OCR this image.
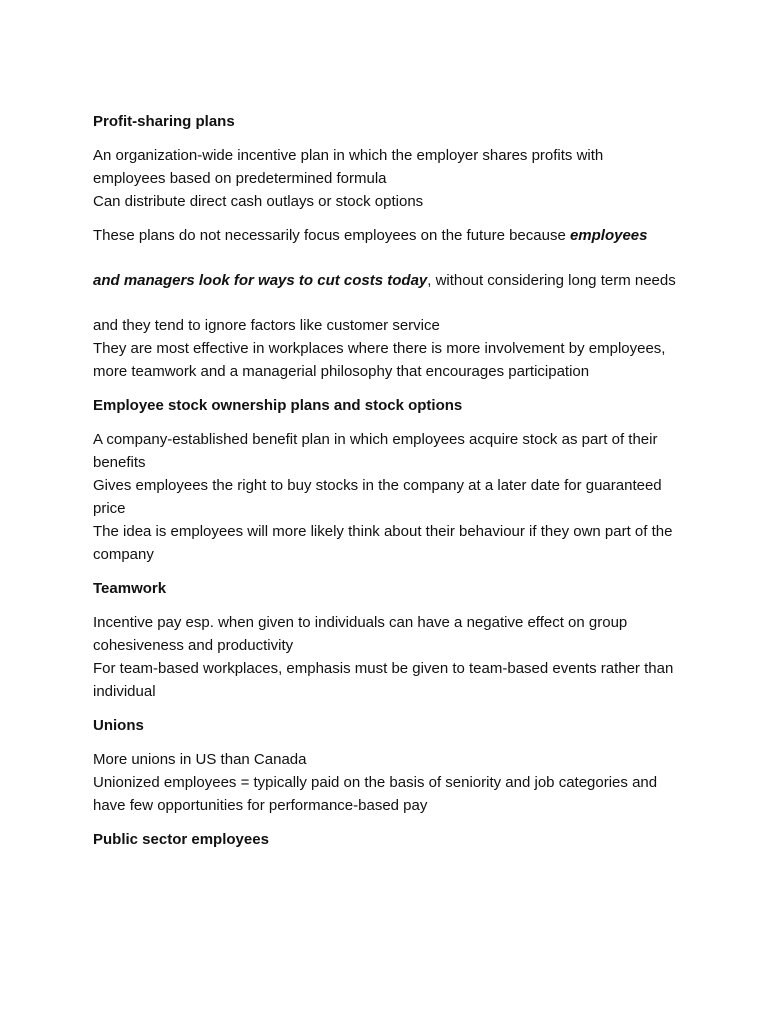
Profit-sharing plans
An organization-wide incentive plan in which the employer shares profits with
employees based on predetermined formula
Can distribute direct cash outlays or stock options
These plans do not necessarily focus employees on the future because employees
and managers look for ways to cut costs today, without considering long term needs
and they tend to ignore factors like customer service
They are most effective in workplaces where there is more involvement by employees,
more teamwork and a managerial philosophy that encourages participation
Employee stock ownership plans and stock options
A company-established benefit plan in which employees acquire stock as part of their
benefits
Gives employees the right to buy stocks in the company at a later date for guaranteed
price
The idea is employees will more likely think about their behaviour if they own part of the
company
Teamwork
Incentive pay esp. when given to individuals can have a negative effect on group
cohesiveness and productivity
For team-based workplaces, emphasis must be given to team-based events rather than
individual
Unions
More unions in US than Canada
Unionized employees = typically paid on the basis of seniority and job categories and
have few opportunities for performance-based pay
Public sector employees
